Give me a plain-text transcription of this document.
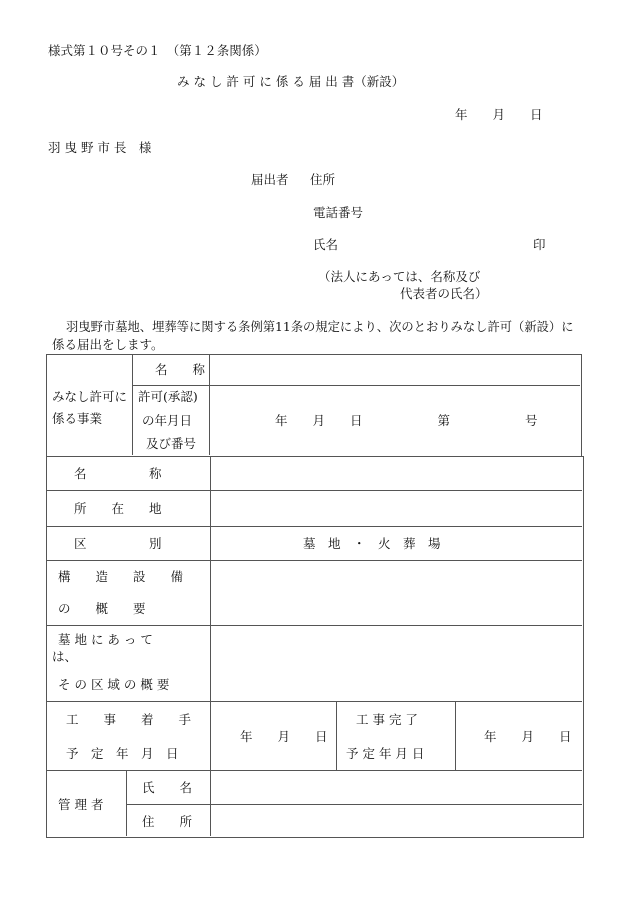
様式第１０号その１　（第１２条関係）
み な し 許 可 に 係 る 届 出 書（新設）
年　　月　　日
羽 曳 野 市 長　様
届出者 住所
電話番号
氏名	印
（法人にあっては、名称及び
代表者の氏名）
羽曳野市墓地、埋葬等に関する条例第11条の規定により、次のとおりみなし許可（新設）に
係る届出をします。
みなし許可に
係る事業
名　　称
許可(承認)
の年月日
及び番号
年　　月　　日　　　　　　第　　　　　　号
名　　　　　称
所　　在　　地
区　　　　　別	墓　地　・　火　葬　場
構　　造　　設　　備
の　　概　　要
墓 地 に あ っ て
は、
そ の 区 域 の 概 要
工　　事　　着　　手
予　定　年　月　日
年　　月　　日
工 事 完 了
予 定 年 月 日
年　　月　　日
管 理 者
氏　　名
住　　所
